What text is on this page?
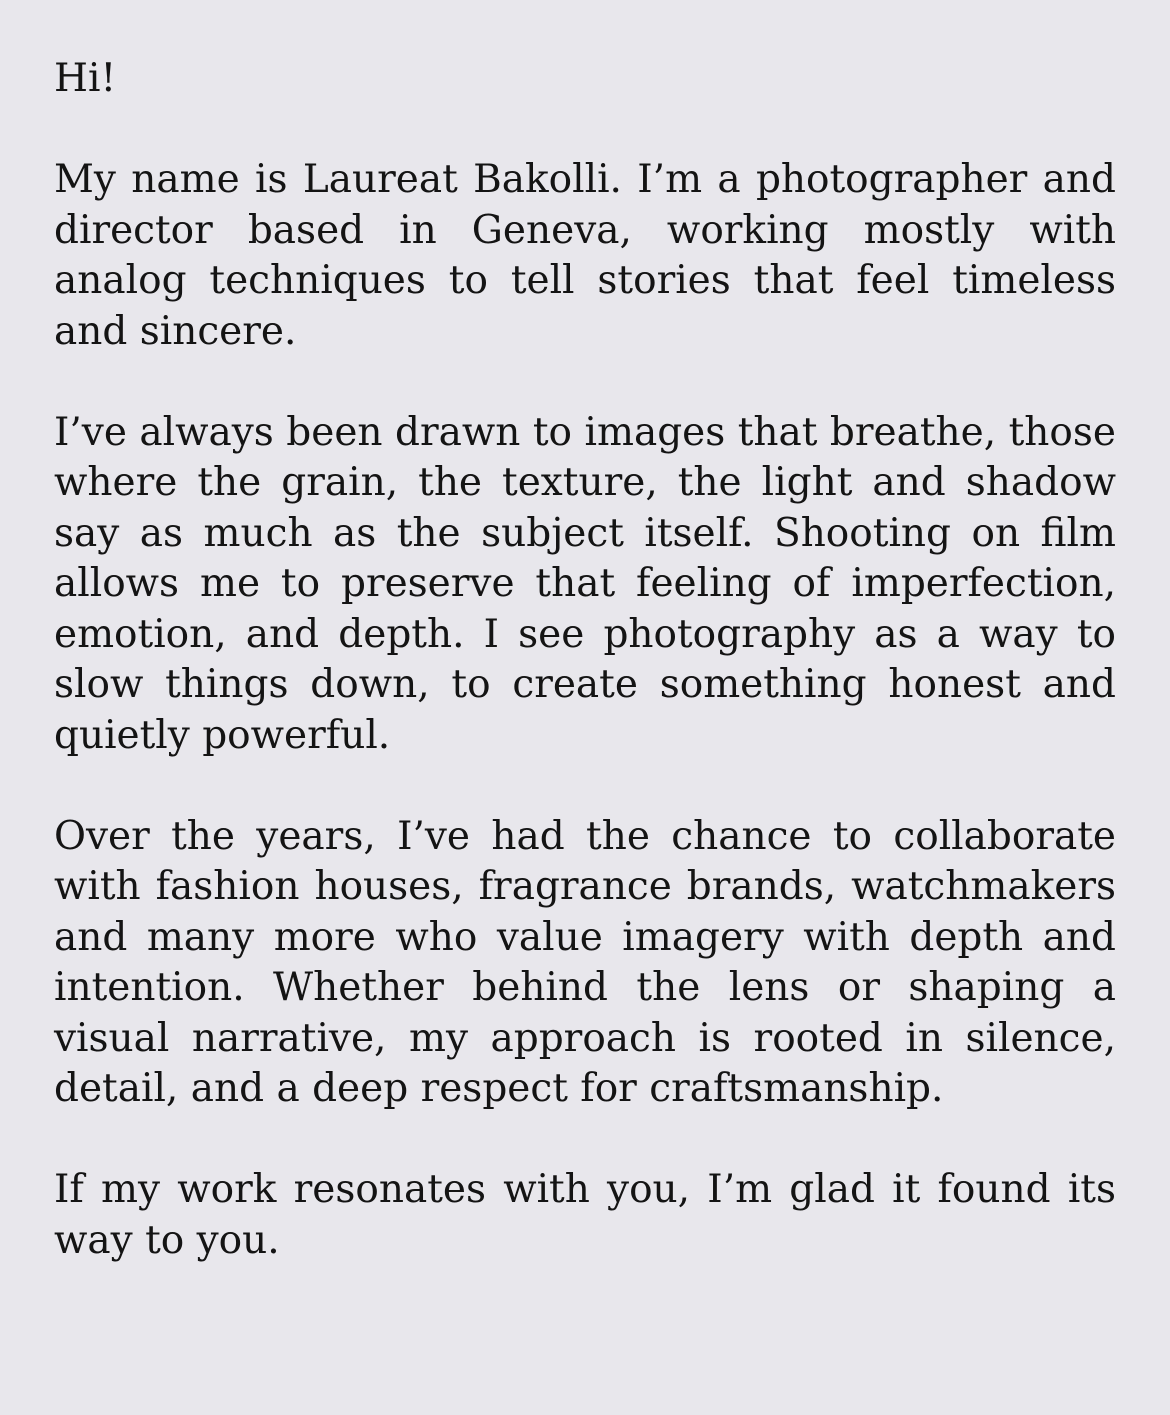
Hi!

My name is Laureat Bakolli. I’m a photographer and director based in Geneva, working mostly with analog techniques to tell stories that feel timeless and sincere.

I’ve always been drawn to images that breathe, those where the grain, the texture, the light and shadow say as much as the subject itself. Shooting on film allows me to preserve that feeling of imperfection, emotion, and depth. I see photography as a way to slow things down, to create something honest and quietly powerful.

Over the years, I’ve had the chance to collaborate with fashion houses, fragrance brands, watchmakers and many more who value imagery with depth and intention. Whether behind the lens or shaping a visual narrative, my approach is rooted in silence, detail, and a deep respect for craftsmanship.

If my work resonates with you, I’m glad it found its way to you.
